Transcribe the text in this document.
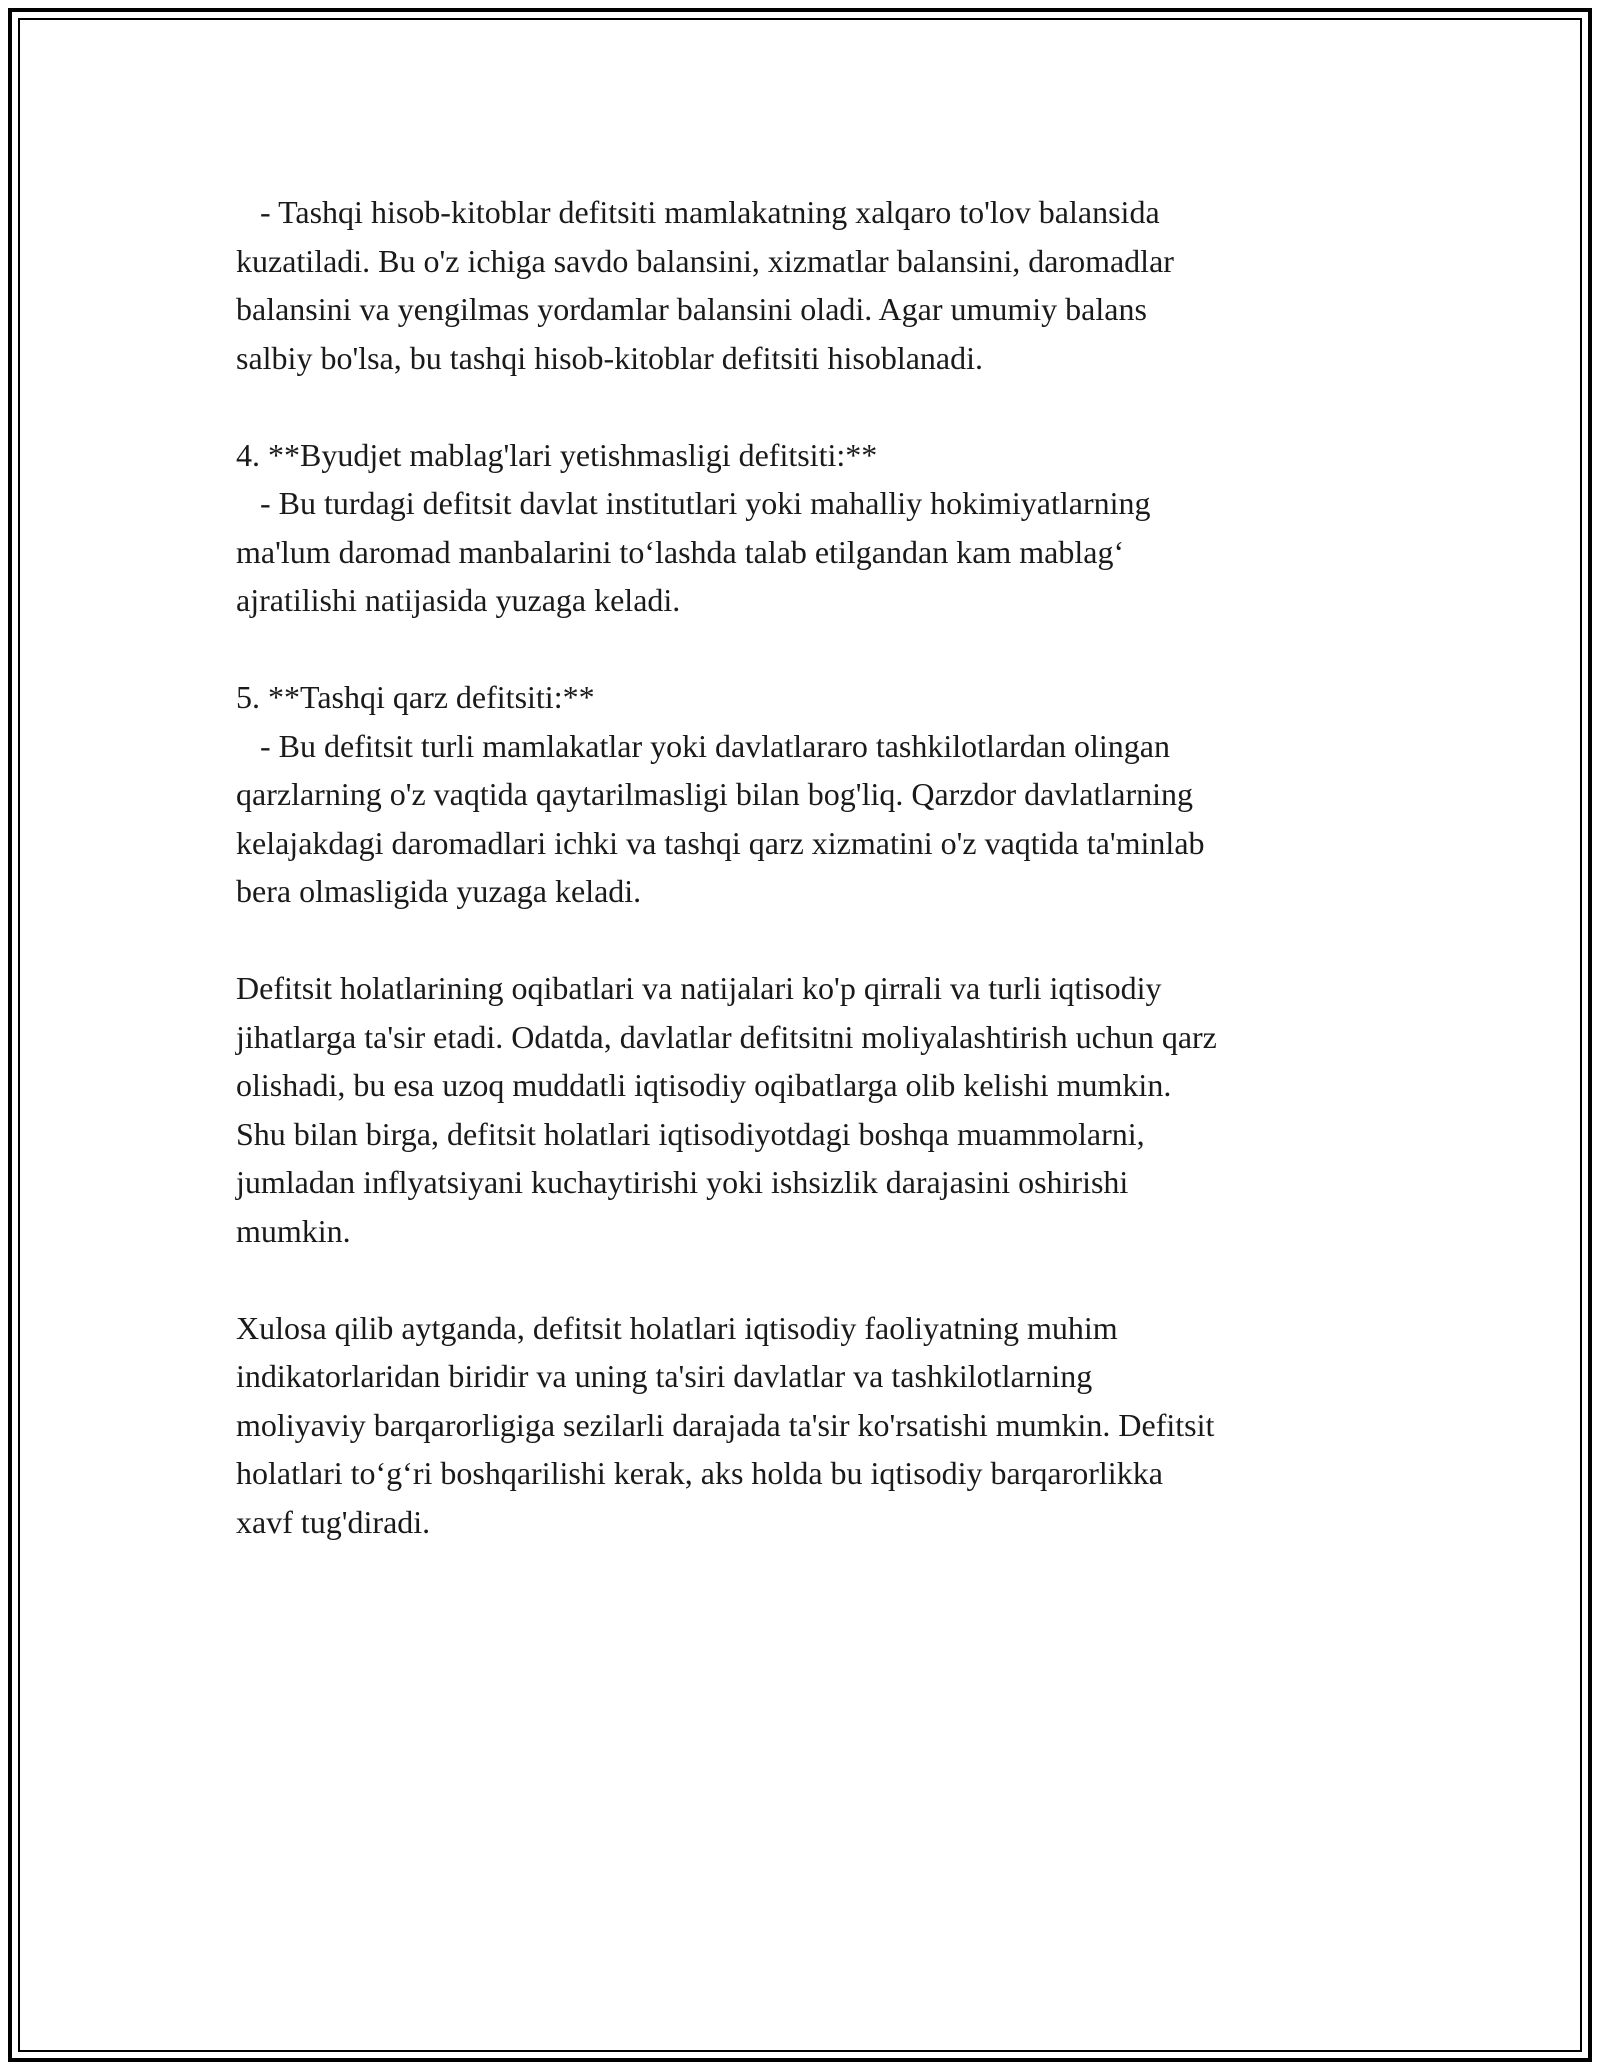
- Tashqi hisob-kitoblar defitsiti mamlakatning xalqaro to'lov balansida
kuzatiladi. Bu o'z ichiga savdo balansini, xizmatlar balansini, daromadlar
balansini va yengilmas yordamlar balansini oladi. Agar umumiy balans
salbiy bo'lsa, bu tashqi hisob-kitoblar defitsiti hisoblanadi.
4. **Byudjet mablag'lari yetishmasligi defitsiti:**
- Bu turdagi defitsit davlat institutlari yoki mahalliy hokimiyatlarning
ma'lum daromad manbalarini to‘lashda talab etilgandan kam mablag‘
ajratilishi natijasida yuzaga keladi.
5. **Tashqi qarz defitsiti:**
- Bu defitsit turli mamlakatlar yoki davlatlararo tashkilotlardan olingan
qarzlarning o'z vaqtida qaytarilmasligi bilan bog'liq. Qarzdor davlatlarning
kelajakdagi daromadlari ichki va tashqi qarz xizmatini o'z vaqtida ta'minlab
bera olmasligida yuzaga keladi.
Defitsit holatlarining oqibatlari va natijalari ko'p qirrali va turli iqtisodiy
jihatlarga ta'sir etadi. Odatda, davlatlar defitsitni moliyalashtirish uchun qarz
olishadi, bu esa uzoq muddatli iqtisodiy oqibatlarga olib kelishi mumkin.
Shu bilan birga, defitsit holatlari iqtisodiyotdagi boshqa muammolarni,
jumladan inflyatsiyani kuchaytirishi yoki ishsizlik darajasini oshirishi
mumkin.
Xulosa qilib aytganda, defitsit holatlari iqtisodiy faoliyatning muhim
indikatorlaridan biridir va uning ta'siri davlatlar va tashkilotlarning
moliyaviy barqarorligiga sezilarli darajada ta'sir ko'rsatishi mumkin. Defitsit
holatlari to‘g‘ri boshqarilishi kerak, aks holda bu iqtisodiy barqarorlikka
xavf tug'diradi.
